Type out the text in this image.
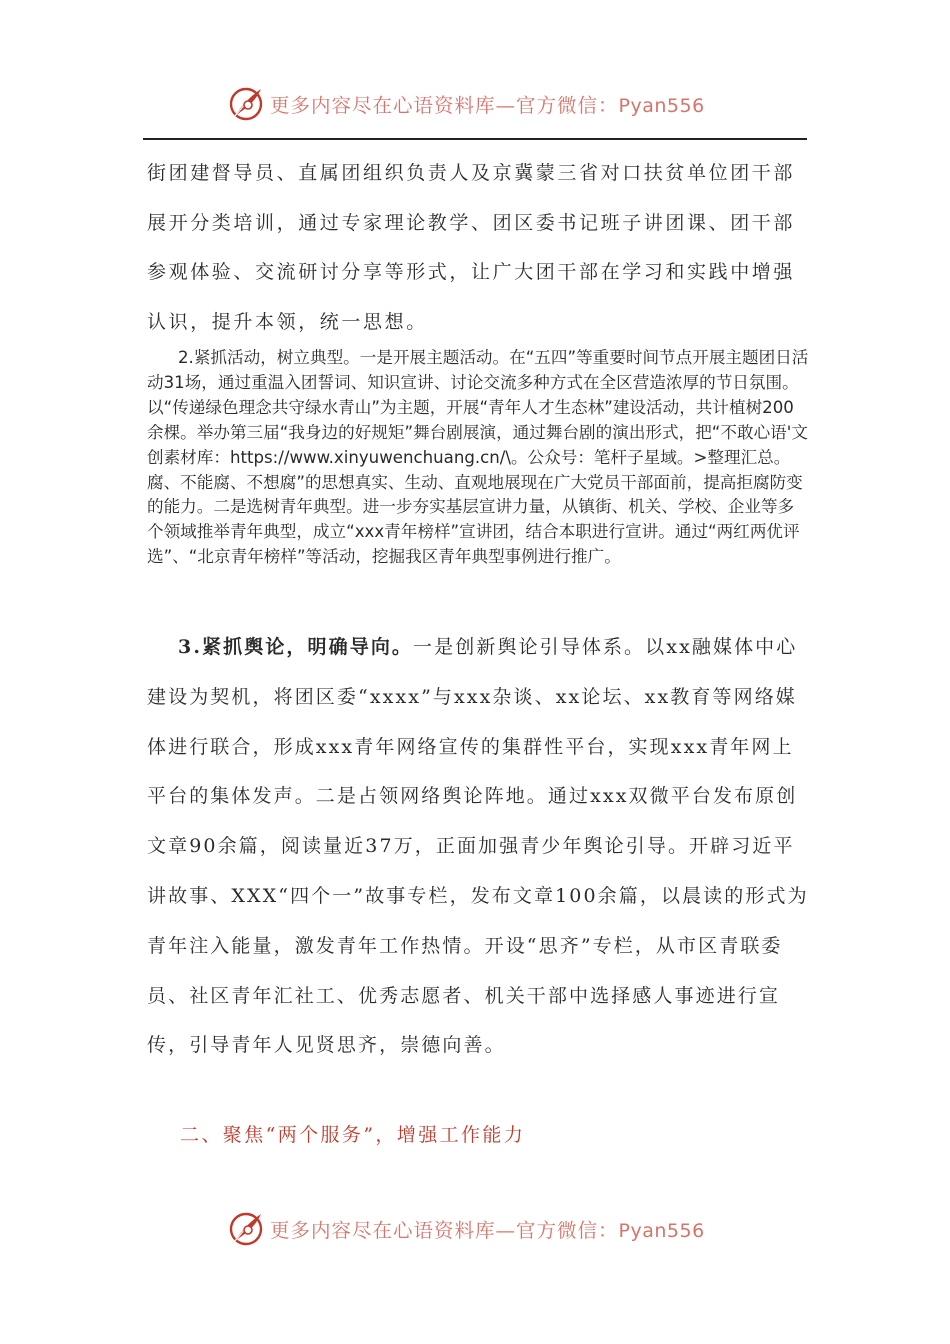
更多内容尽在心语资料库—官方微信：Pyan556

街团建督导员、直属团组织负责人及京冀蒙三省对口扶贫单位团干部展开分类培训，通过专家理论教学、团区委书记班子讲团课、团干部参观体验、交流研讨分享等形式，让广大团干部在学习和实践中增强认识，提升本领，统一思想。

2.紧抓活动，树立典型。一是开展主题活动。在“五四”等重要时间节点开展主题团日活动31场，通过重温入团誓词、知识宣讲、讨论交流多种方式在全区营造浓厚的节日氛围。以“传递绿色理念共守绿水青山”为主题，开展“青年人才生态林”建设活动，共计植树200余棵。举办第三届“我身边的好规矩”舞台剧展演，通过舞台剧的演出形式，把“不敢心语'文创素材库：https://www.xinyuwenchuang.cn/\。公众号：笔杆子星域。>整理汇总。腐、不能腐、不想腐”的思想真实、生动、直观地展现在广大党员干部面前，提高拒腐防变的能力。二是选树青年典型。进一步夯实基层宣讲力量，从镇街、机关、学校、企业等多个领域推举青年典型，成立“xxx青年榜样”宣讲团，结合本职进行宣讲。通过“两红两优评选”、“北京青年榜样”等活动，挖掘我区青年典型事例进行推广。

3.紧抓舆论，明确导向。一是创新舆论引导体系。以xx融媒体中心建设为契机，将团区委“xxxx”与xxx杂谈、xx论坛、xx教育等网络媒体进行联合，形成xxx青年网络宣传的集群性平台，实现xxx青年网上平台的集体发声。二是占领网络舆论阵地。通过xxx双微平台发布原创文章90余篇，阅读量近37万，正面加强青少年舆论引导。开辟习近平讲故事、XXX“四个一”故事专栏，发布文章100余篇，以晨读的形式为青年注入能量，激发青年工作热情。开设“思齐”专栏，从市区青联委员、社区青年汇社工、优秀志愿者、机关干部中选择感人事迹进行宣传，引导青年人见贤思齐，崇德向善。

二、聚焦“两个服务”，增强工作能力
更多内容尽在心语资料库—官方微信：Pyan556
